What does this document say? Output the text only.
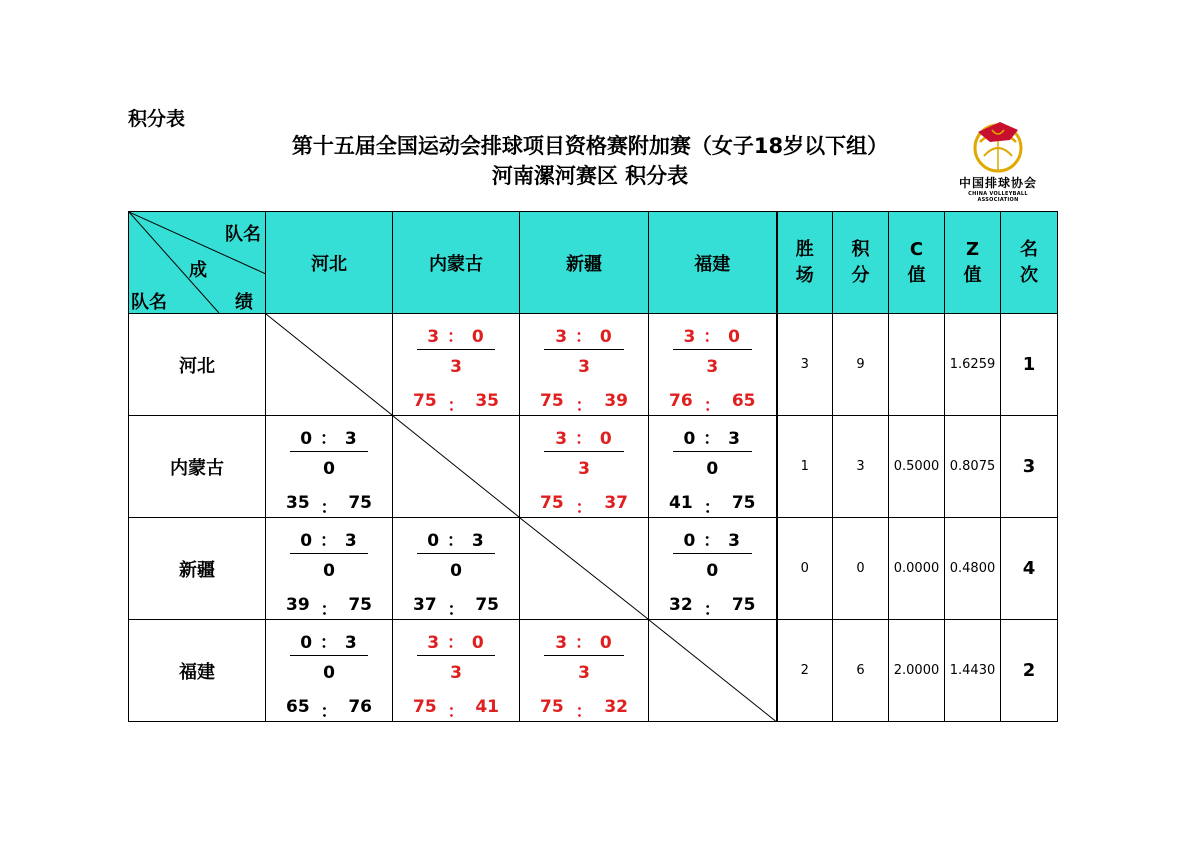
积分表
第十五届全国运动会排球项目资格赛附加赛（女子18岁以下组）
河南漯河赛区 积分表	中国排球协会
CHINA VOLLEYBALL ASSOCIATION
队名
成
队名 绩	河北	内蒙古	新疆	福建	胜
场	积
分	C
值	Z
值	名
次
河北		3 ： 0
3
75 ： 35	3 ： 0
3
75 ： 39	3 ： 0
3
76 ： 65	3	9		1.6259	1
内蒙古	0 ： 3
0
35 ： 75		3 ： 0
3
75 ： 37	0 ： 3
0
41 ： 75	1	3	0.5000	0.8075	3
新疆	0 ： 3
0
39 ： 75	0 ： 3
0
37 ： 75		0 ： 3
0
32 ： 75	0	0	0.0000	0.4800	4
福建	0 ： 3
0
65 ： 76	3 ： 0
3
75 ： 41	3 ： 0
3
75 ： 32		2	6	2.0000	1.4430	2
